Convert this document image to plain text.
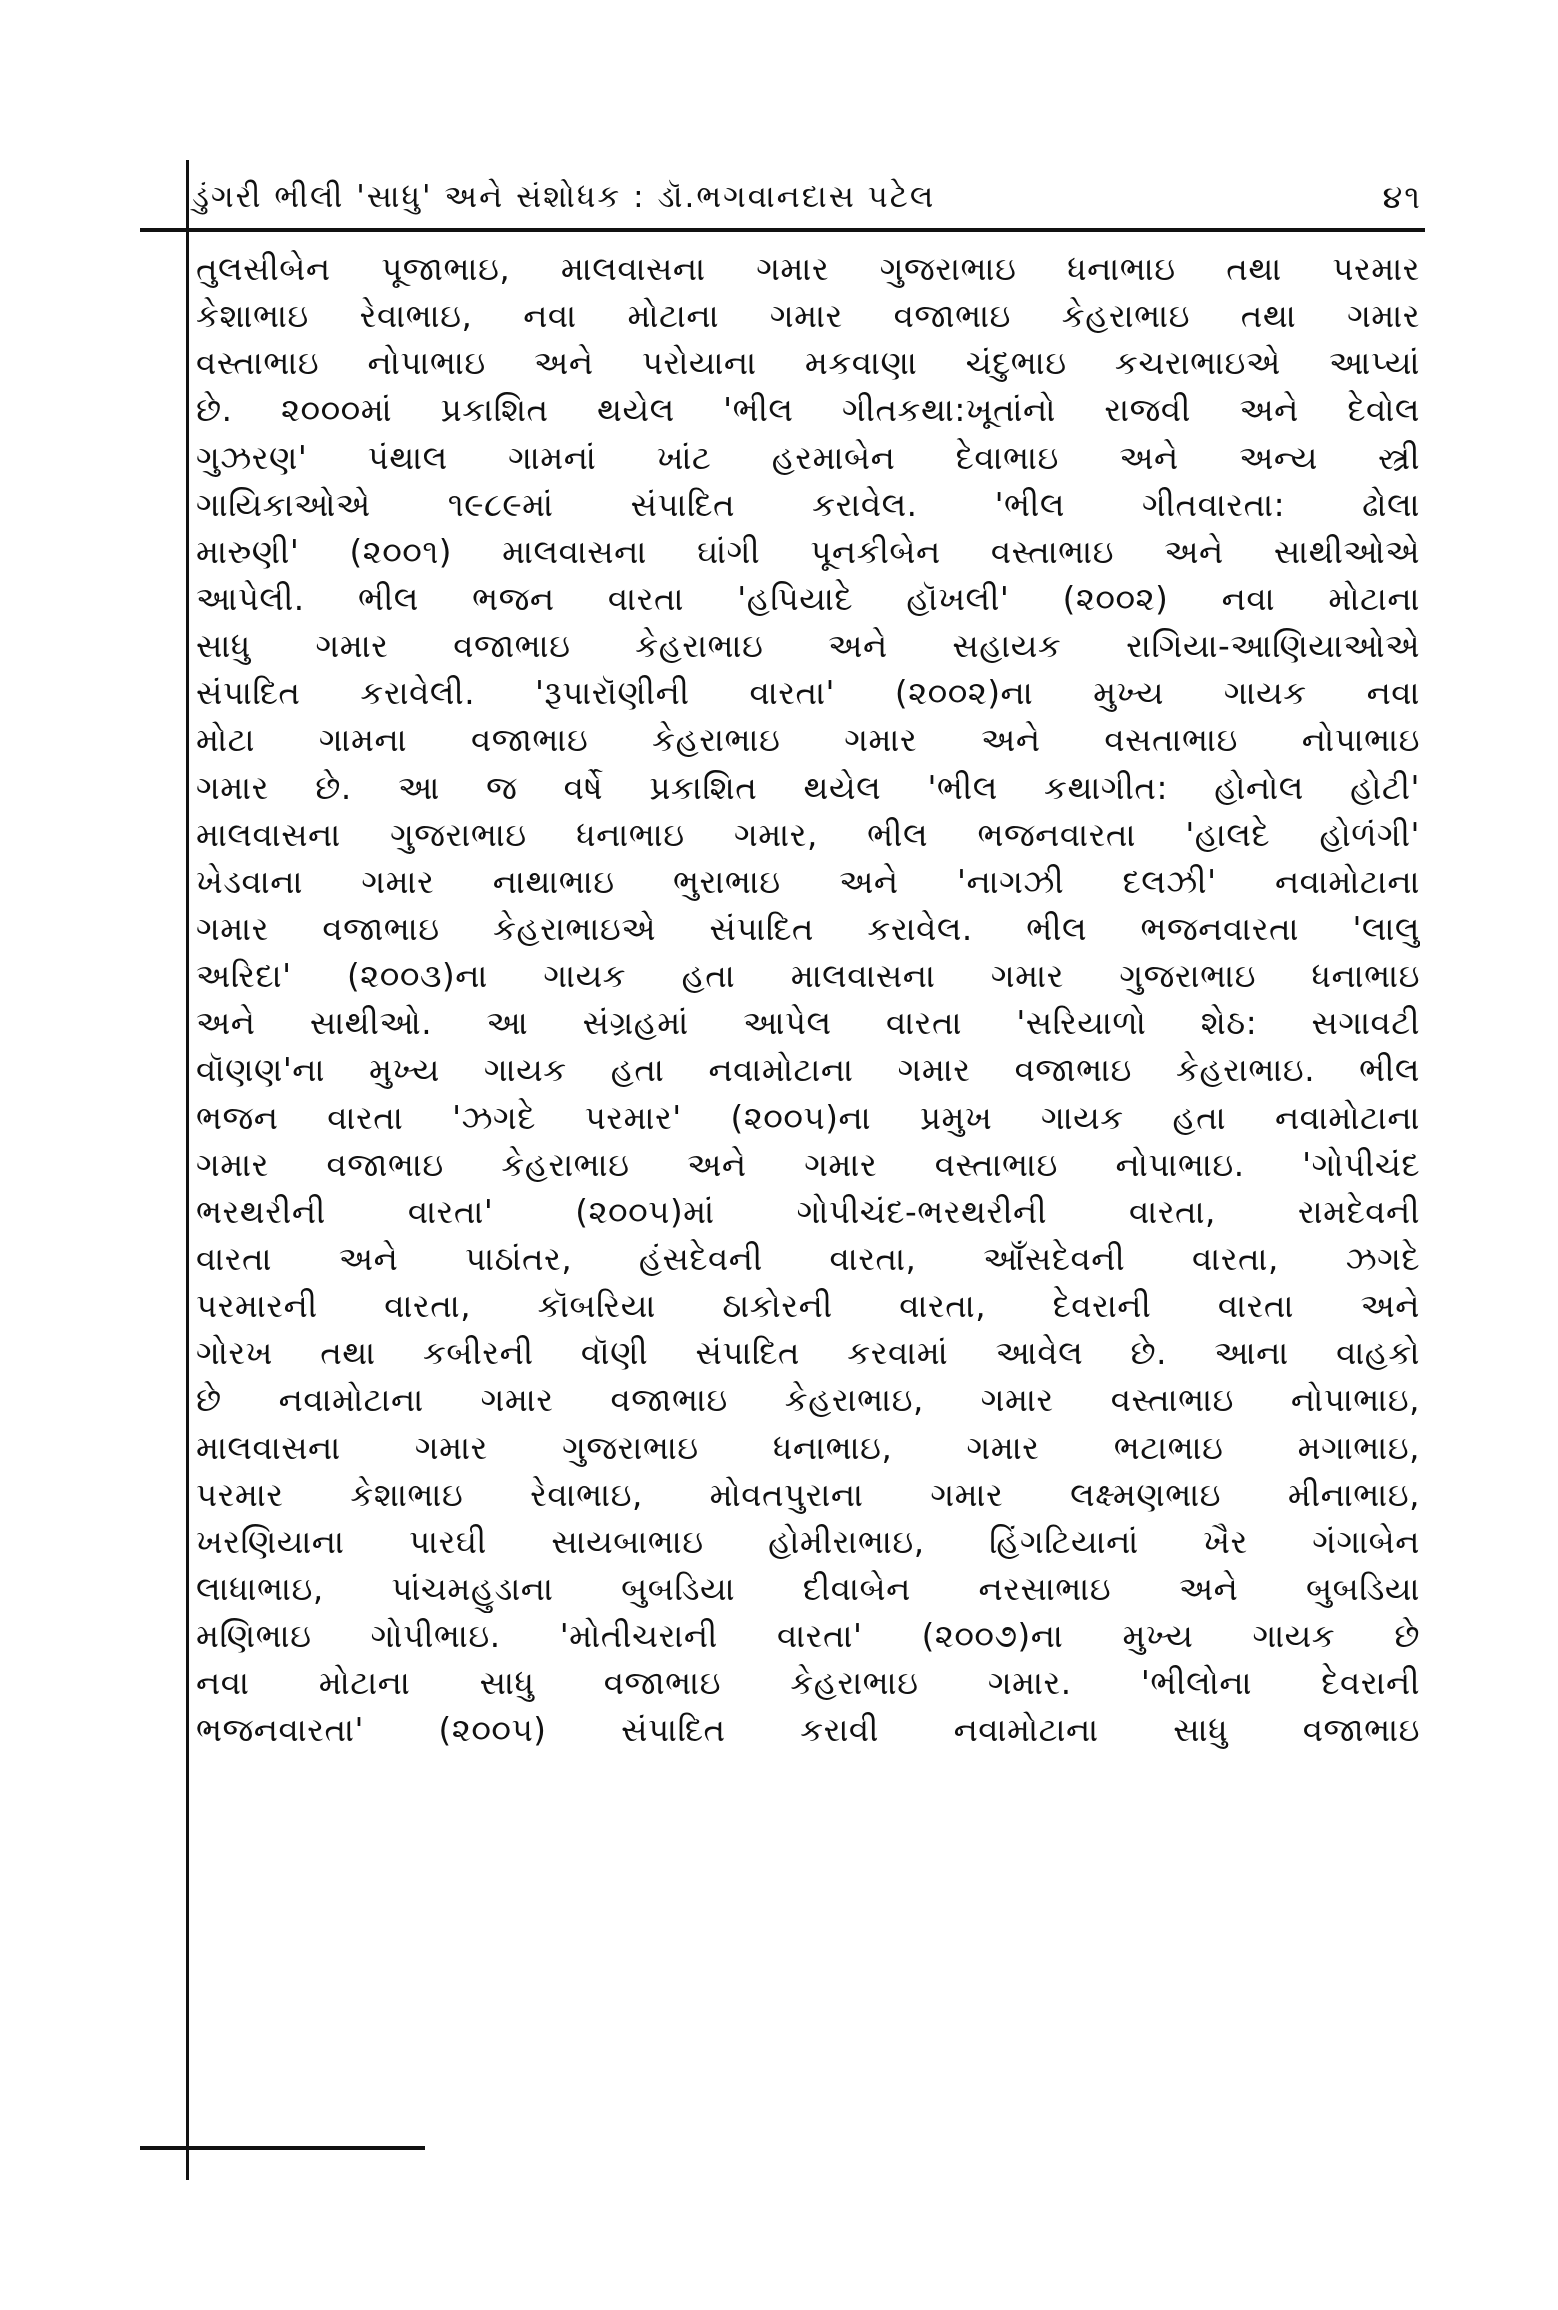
ડુંગરી ભીલી 'સાધુ' અને સંશોધક : ડૉ.ભગવાનદાસ પટેલ	૪૧
તુલસીબેન પૂજાભાઇ, માલવાસના ગમાર ગુજરાભાઇ ધનાભાઇ તથા પરમાર
કેશાભાઇ રેવાભાઇ, નવા મોટાના ગમાર વજાભાઇ કેહરાભાઇ તથા ગમાર
વસ્તાભાઇ નોપાભાઇ અને પરોયાના મકવાણા ચંદુભાઇ કચરાભાઇએ આપ્યાં
છે. ૨૦૦૦માં પ્રકાશિત થયેલ 'ભીલ ગીતકથા:ખૂતાંનો રાજવી અને દેવોલ
ગુઝરણ' પંથાલ ગામનાં ખાંટ હરમાબેન દેવાભાઇ અને અન્ય સ્ત્રી
ગાયિકાઓએ ૧૯૮૯માં સંપાદિત કરાવેલ. 'ભીલ ગીતવારતા: ઢોલા
મારુણી' (૨૦૦૧) માલવાસના ઘાંગી પૂનકીબેન વસ્તાભાઇ અને સાથીઓએ
આપેલી. ભીલ ભજન વારતા 'હપિયાદે હૉખલી' (૨૦૦૨) નવા મોટાના
સાધુ ગમાર વજાભાઇ કેહરાભાઇ અને સહાયક રાગિયા-આણિયાઓએ
સંપાદિત કરાવેલી. 'રૂપારૉણીની વારતા' (૨૦૦૨)ના મુખ્ય ગાયક નવા
મોટા ગામના વજાભાઇ કેહરાભાઇ ગમાર અને વસતાભાઇ નોપાભાઇ
ગમાર છે. આ જ વર્ષે પ્રકાશિત થયેલ 'ભીલ કથાગીત: હોનોલ હોટી'
માલવાસના ગુજરાભાઇ ધનાભાઇ ગમાર, ભીલ ભજનવારતા 'હાલદે હોળંગી'
ખેડવાના ગમાર નાથાભાઇ ભુરાભાઇ અને 'નાગઝી દલઝી' નવામોટાના
ગમાર વજાભાઇ કેહરાભાઇએ સંપાદિત કરાવેલ. ભીલ ભજનવારતા 'લાલુ
અરિદા' (૨૦૦૩)ના ગાયક હતા માલવાસના ગમાર ગુજરાભાઇ ધનાભાઇ
અને સાથીઓ. આ સંગ્રહમાં આપેલ વારતા 'સરિયાળો શેઠ: સગાવટી
વૉણણ'ના મુખ્ય ગાયક હતા નવામોટાના ગમાર વજાભાઇ કેહરાભાઇ. ભીલ
ભજન વારતા 'ઝગદે પરમાર' (૨૦૦૫)ના પ્રમુખ ગાયક હતા નવામોટાના
ગમાર વજાભાઇ કેહરાભાઇ અને ગમાર વસ્તાભાઇ નોપાભાઇ. 'ગોપીચંદ
ભરથરીની વારતા' (૨૦૦૫)માં ગોપીચંદ-ભરથરીની વારતા, રામદેવની
વારતા અને પાઠાંતર, હંસદેવની વારતા, આઁસદેવની વારતા, ઝગદે
પરમારની વારતા, કૉબરિયા ઠાકોરની વારતા, દેવરાની વારતા અને
ગોરખ તથા કબીરની વૉણી સંપાદિત કરવામાં આવેલ છે. આના વાહકો
છે નવામોટાના ગમાર વજાભાઇ કેહરાભાઇ, ગમાર વસ્તાભાઇ નોપાભાઇ,
માલવાસના ગમાર ગુજરાભાઇ ધનાભાઇ, ગમાર ભટાભાઇ મગાભાઇ,
પરમાર કેશાભાઇ રેવાભાઇ, મોવતપુરાના ગમાર લક્ષ્મણભાઇ મીનાભાઇ,
ખરણિયાના પારઘી સાયબાભાઇ હોમીરાભાઇ, હિંગટિયાનાં ખૈર ગંગાબેન
લાધાભાઇ, પાંચમહુડાના બુબડિયા દીવાબેન નરસાભાઇ અને બુબડિયા
મણિભાઇ ગોપીભાઇ. 'મોતીચરાની વારતા' (૨૦૦૭)ના મુખ્ય ગાયક છે
નવા મોટાના સાધુ વજાભાઇ કેહરાભાઇ ગમાર. 'ભીલોના દેવરાની
ભજનવારતા' (૨૦૦૫) સંપાદિત કરાવી નવામોટાના સાધુ વજાભાઇ
